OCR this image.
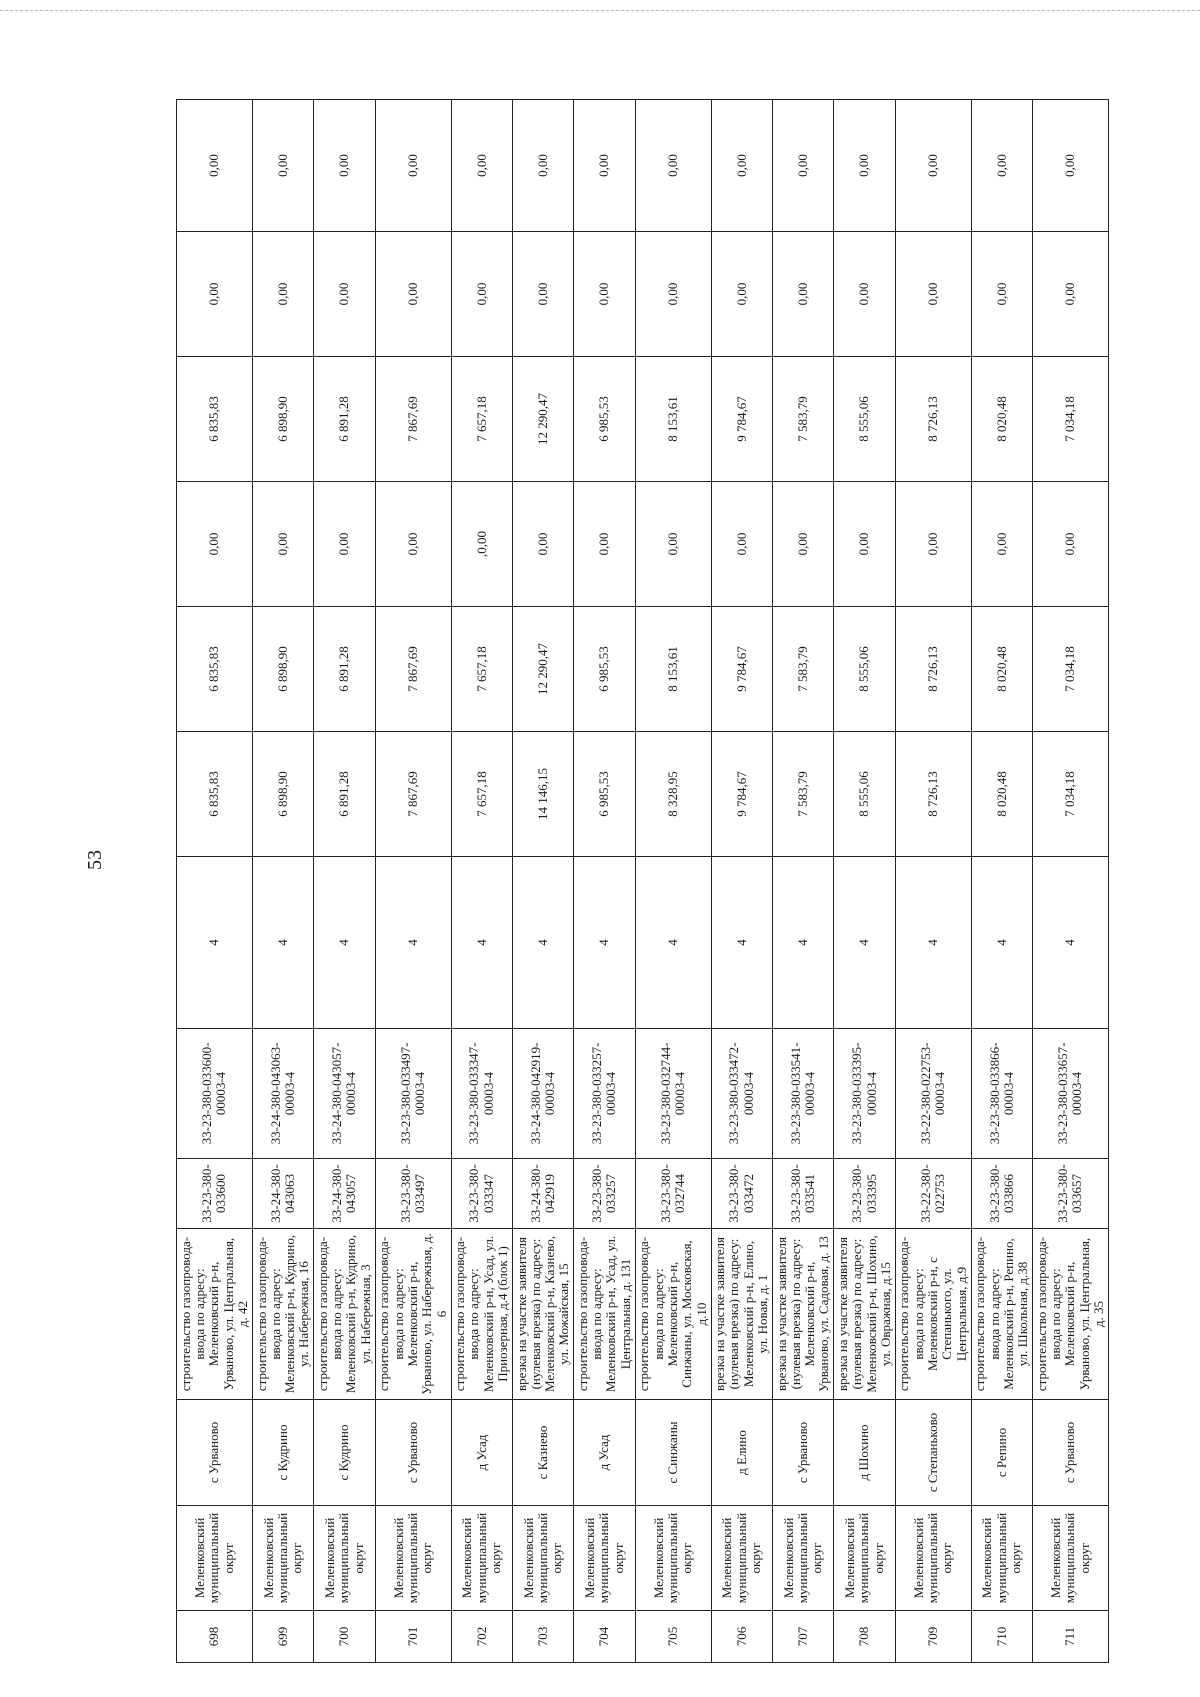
53
698	Меленковский муниципальный округ	с Урваново	строительство газопровода-ввода по адресу: Меленковский р-н, Урваново, ул. Центральная, д. 42	33-23-380-033600	33-23-380-033600-00003-4	4	6 835,83	6 835,83	0,00	6 835,83	0,00	0,00
699	Меленковский муниципальный округ	с Кудрино	строительство газопровода-ввода по адресу: Меленковский р-н, Кудрино, ул. Набережная, 16	33-24-380-043063	33-24-380-043063-00003-4	4	6 898,90	6 898,90	0,00	6 898,90	0,00	0,00
700	Меленковский муниципальный округ	с Кудрино	строительство газопровода-ввода по адресу: Меленковский р-н, Кудрино, ул. Набережная, 3	33-24-380-043057	33-24-380-043057-00003-4	4	6 891,28	6 891,28	0,00	6 891,28	0,00	0,00
701	Меленковский муниципальный округ	с Урваново	строительство газопровода-ввода по адресу: Меленковский р-н, Урваново, ул. Набережная, д. 6	33-23-380-033497	33-23-380-033497-00003-4	4	7 867,69	7 867,69	0,00	7 867,69	0,00	0,00
702	Меленковский муниципальный округ	д Усад	строительство газопровода-ввода по адресу: Меленковский р-н, Усад, ул. Приозерная, д.4 (блок 1)	33-23-380-033347	33-23-380-033347-00003-4	4	7 657,18	7 657,18	,0,00	7 657,18	0,00	0,00
703	Меленковский муниципальный округ	с Казнево	врезка на участке заявителя (нулевая врезка) по адресу: Меленковский р-н, Казнево, ул. Можайская, 15	33-24-380-042919	33-24-380-042919-00003-4	4	14 146,15	12 290,47	0,00	12 290,47	0,00	0,00
704	Меленковский муниципальный округ	д Усад	строительство газопровода-ввода по адресу: Меленковский р-н, Усад, ул. Центральная, д. 131	33-23-380-033257	33-23-380-033257-00003-4	4	6 985,53	6 985,53	0,00	6 985,53	0,00	0,00
705	Меленковский муниципальный округ	с Синжаны	строительство газопровода-ввода по адресу: Меленковский р-н, Синжаны, ул. Московская, д.10	33-23-380-032744	33-23-380-032744-00003-4	4	8 328,95	8 153,61	0,00	8 153,61	0,00	0,00
706	Меленковский муниципальный округ	д Елино	врезка на участке заявителя (нулевая врезка) по адресу: Меленковский р-н, Елино, ул. Новая, д. 1	33-23-380-033472	33-23-380-033472-00003-4	4	9 784,67	9 784,67	0,00	9 784,67	0,00	0,00
707	Меленковский муниципальный округ	с Урваново	врезка на участке заявителя (нулевая врезка) по адресу: Меленковский р-н, Урваново, ул. Садовая, д. 13	33-23-380-033541	33-23-380-033541-00003-4	4	7 583,79	7 583,79	0,00	7 583,79	0,00	0,00
708	Меленковский муниципальный округ	д Шохино	врезка на участке заявителя (нулевая врезка) по адресу: Меленковский р-н, Шохино, ул. Овражная, д.15	33-23-380-033395	33-23-380-033395-00003-4	4	8 555,06	8 555,06	0,00	8 555,06	0,00	0,00
709	Меленковский муниципальный округ	с Степаньково	строительство газопровода-ввода по адресу: Меленковский р-н, с Степанького, ул. Центральная, д.9	33-22-380-022753	33-22-380-022753-00003-4	4	8 726,13	8 726,13	0,00	8 726,13	0,00	0,00
710	Меленковский муниципальный округ	с Репино	строительство газопровода-ввода по адресу: Меленковский р-н, Репино, ул. Школьная, д.38	33-23-380-033866	33-23-380-033866-00003-4	4	8 020,48	8 020,48	0,00	8 020,48	0,00	0,00
711	Меленковский муниципальный округ	с Урваново	строительство газопровода-ввода по адресу: Меленковский р-н, Урваново, ул. Центральная, д. 35	33-23-380-033657	33-23-380-033657-00003-4	4	7 034,18	7 034,18	0,00	7 034,18	0,00	0,00
